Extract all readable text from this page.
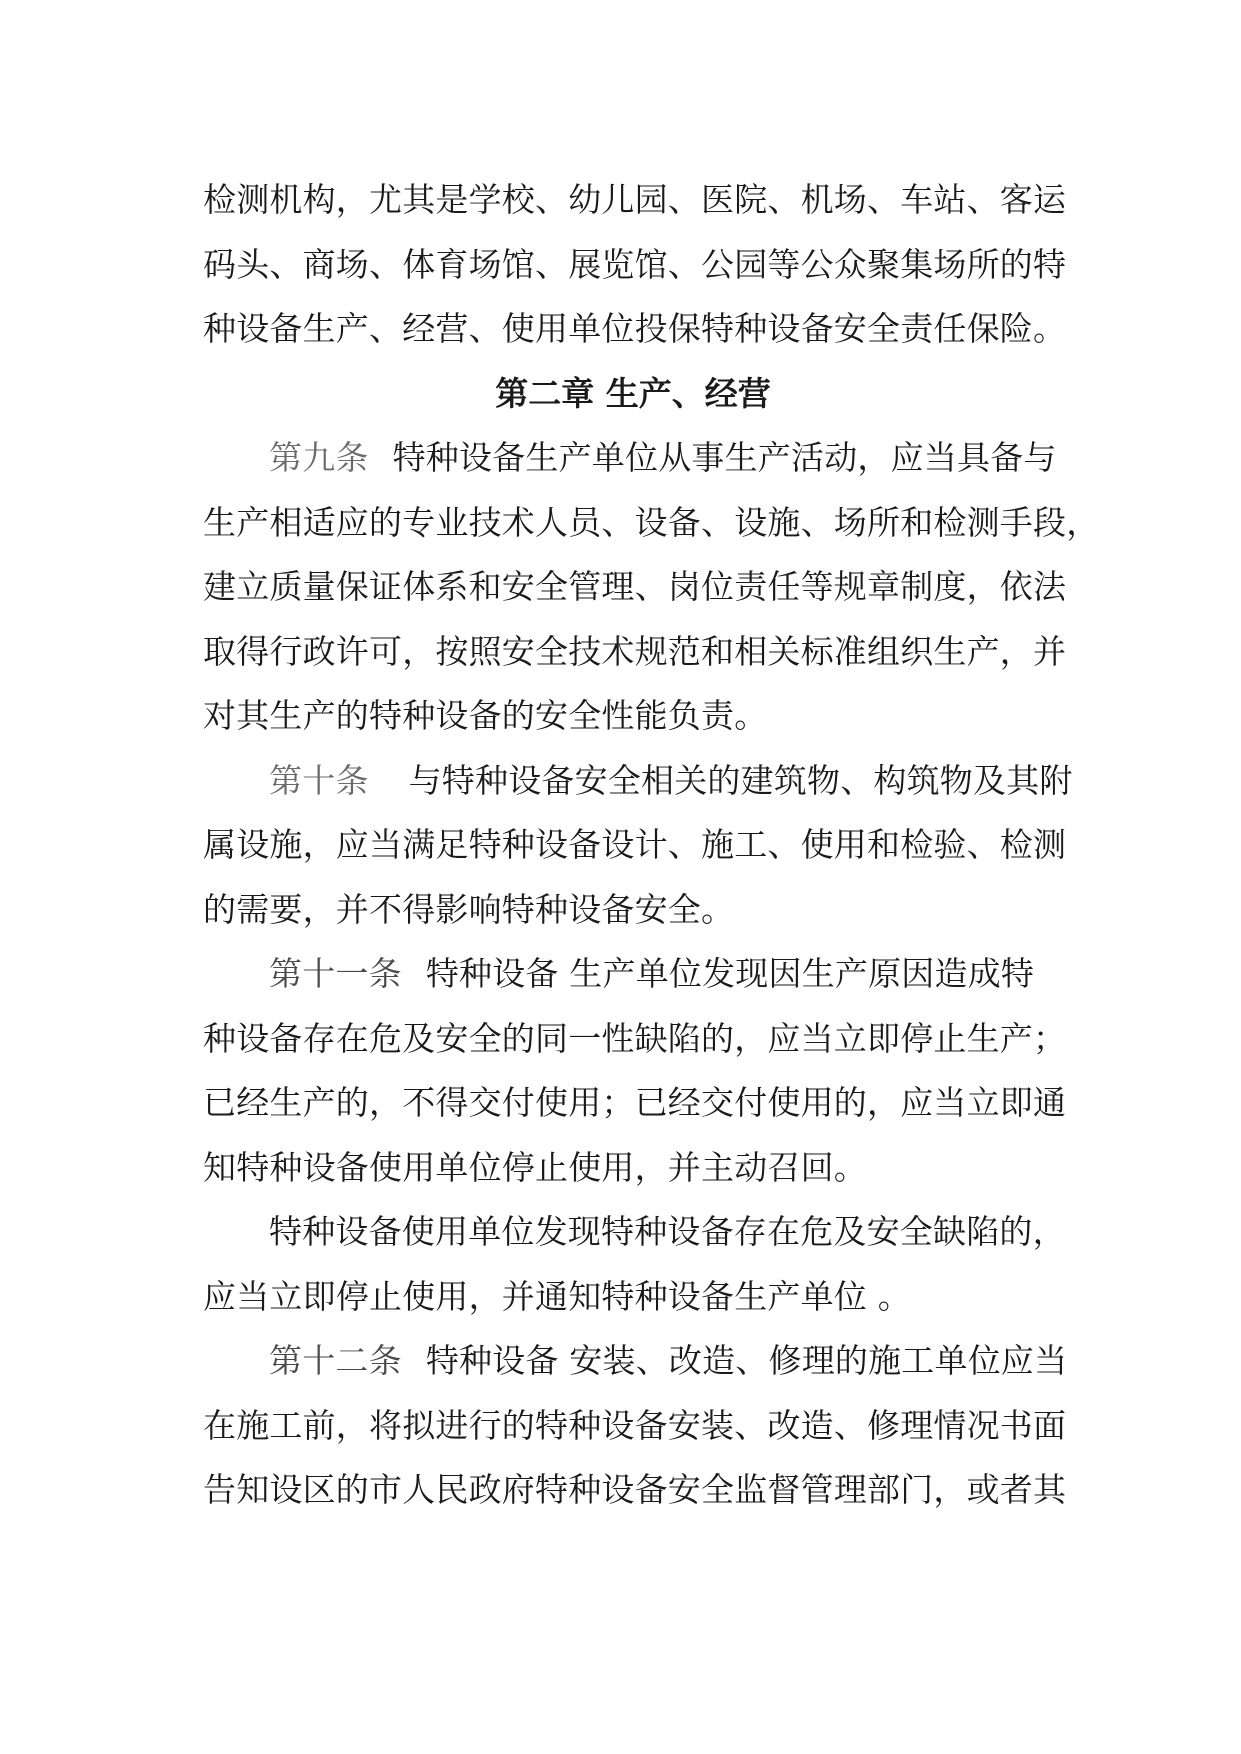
检测机构，尤其是学校、幼儿园、医院、机场、车站、客运
码头、商场、体育场馆、展览馆、公园等公众聚集场所的特
种设备生产、经营、使用单位投保特种设备安全责任保险。
第二章 生产、经营
第九条 特种设备生产单位从事生产活动，应当具备与
生产相适应的专业技术人员、设备、设施、场所和检测手段，
建立质量保证体系和安全管理、岗位责任等规章制度，依法
取得行政许可，按照安全技术规范和相关标准组织生产，并
对其生产的特种设备的安全性能负责。
第十条 与特种设备安全相关的建筑物、构筑物及其附
属设施，应当满足特种设备设计、施工、使用和检验、检测
的需要，并不得影响特种设备安全。
第十一条 特种设备 生产单位发现因生产原因造成特
种设备存在危及安全的同一性缺陷的，应当立即停止生产；
已经生产的，不得交付使用；已经交付使用的，应当立即通
知特种设备使用单位停止使用，并主动召回。
特种设备使用单位发现特种设备存在危及安全缺陷的，
应当立即停止使用，并通知特种设备生产单位 。
第十二条 特种设备 安装、改造、修理的施工单位应当
在施工前，将拟进行的特种设备安装、改造、修理情况书面
告知设区的市人民政府特种设备安全监督管理部门，或者其
